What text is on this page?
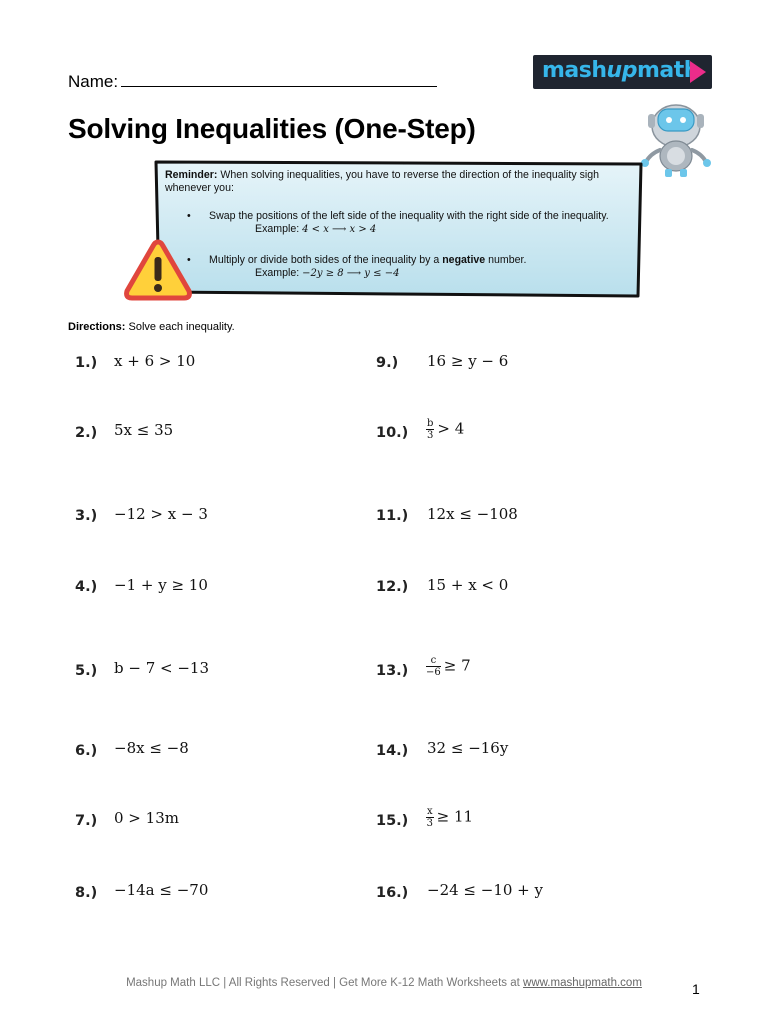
Name:	mashupmath
Solving Inequalities (One-Step)
Reminder: When solving inequalities, you have to reverse the direction of the inequality sigh whenever you:
• Swap the positions of the left side of the inequality with the right side of the inequality.
Example: 4 < x ⟶ x > 4
• Multiply or divide both sides of the inequality by a negative number.
Example: −2y ≥ 8 ⟶ y ≤ −4
Directions: Solve each inequality.
1.) x + 6 > 10
2.) 5x ≤ 35
3.) −12 > x − 3
4.) −1 + y ≥ 10
5.) b − 7 < −13
6.) −8x ≤ −8
7.) 0 > 13m
8.) −14a ≤ −70
9.) 16 ≥ y − 6
$10.) \frac{b}{3} > 4$
11.) 12x ≤ −108
12.) 15 + x < 0
$13.) \frac{c}{-6} \ge 7$
14.) 32 ≤ −16y
$15.) \frac{x}{3} \ge 11$
16.) −24 ≤ −10 + y
Mashup Math LLC | All Rights Reserved | Get More K-12 Math Worksheets at www.mashupmath.com	1
